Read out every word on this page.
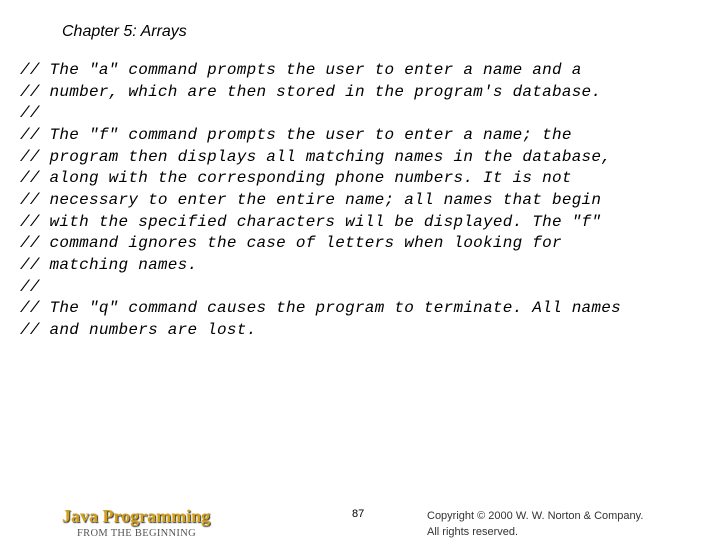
Chapter 5: Arrays
// The "a" command prompts the user to enter a name and a
// number, which are then stored in the program's database.
//
// The "f" command prompts the user to enter a name; the
// program then displays all matching names in the database,
// along with the corresponding phone numbers. It is not
// necessary to enter the entire name; all names that begin
// with the specified characters will be displayed. The "f"
// command ignores the case of letters when looking for
// matching names.
//
// The "q" command causes the program to terminate. All names
// and numbers are lost.
Java Programming
FROM THE BEGINNING
87	Copyright © 2000 W. W. Norton & Company.
All rights reserved.
